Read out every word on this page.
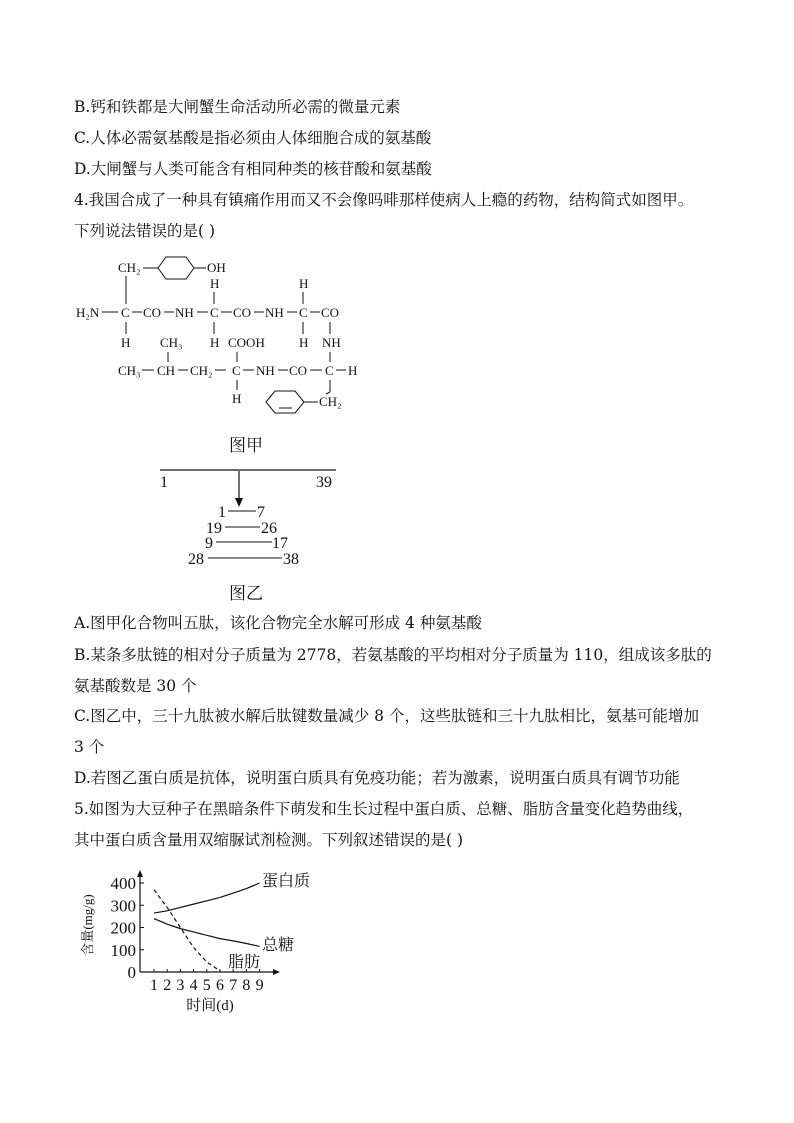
B.钙和铁都是大闸蟹生命活动所必需的微量元素
C.人体必需氨基酸是指必须由人体细胞合成的氨基酸
D.大闸蟹与人类可能含有相同种类的核苷酸和氨基酸
4.我国合成了一种具有镇痛作用而又不会像吗啡那样使病人上瘾的药物，结构简式如图甲。
下列说法错误的是( )
CH₂	OH
H	H
H₂N C CO NH C CO NH C CO
H	H	H NH
CH₃	COOH
CH₃ CH CH₂ C NH CO C H
H	CH₂
图甲
1	39
1 7
19 26
9	17
28	38
图乙
A.图甲化合物叫五肽，该化合物完全水解可形成 4 种氨基酸
B.某条多肽链的相对分子质量为 2778，若氨基酸的平均相对分子质量为 110，组成该多肽的
氨基酸数是 30 个
C.图乙中，三十九肽被水解后肽键数量减少 8 个，这些肽链和三十九肽相比，氨基可能增加
3 个
D.若图乙蛋白质是抗体，说明蛋白质具有免疫功能；若为激素，说明蛋白质具有调节功能
5.如图为大豆种子在黑暗条件下萌发和生长过程中蛋白质、总糖、脂肪含量变化趋势曲线，
其中蛋白质含量用双缩脲试剂检测。下列叙述错误的是( )
0
100
200
300
400
1 2 3 4 5 6 7 8 9
蛋白质
总糖
脂肪
时间(d)
含量(mg/g)
